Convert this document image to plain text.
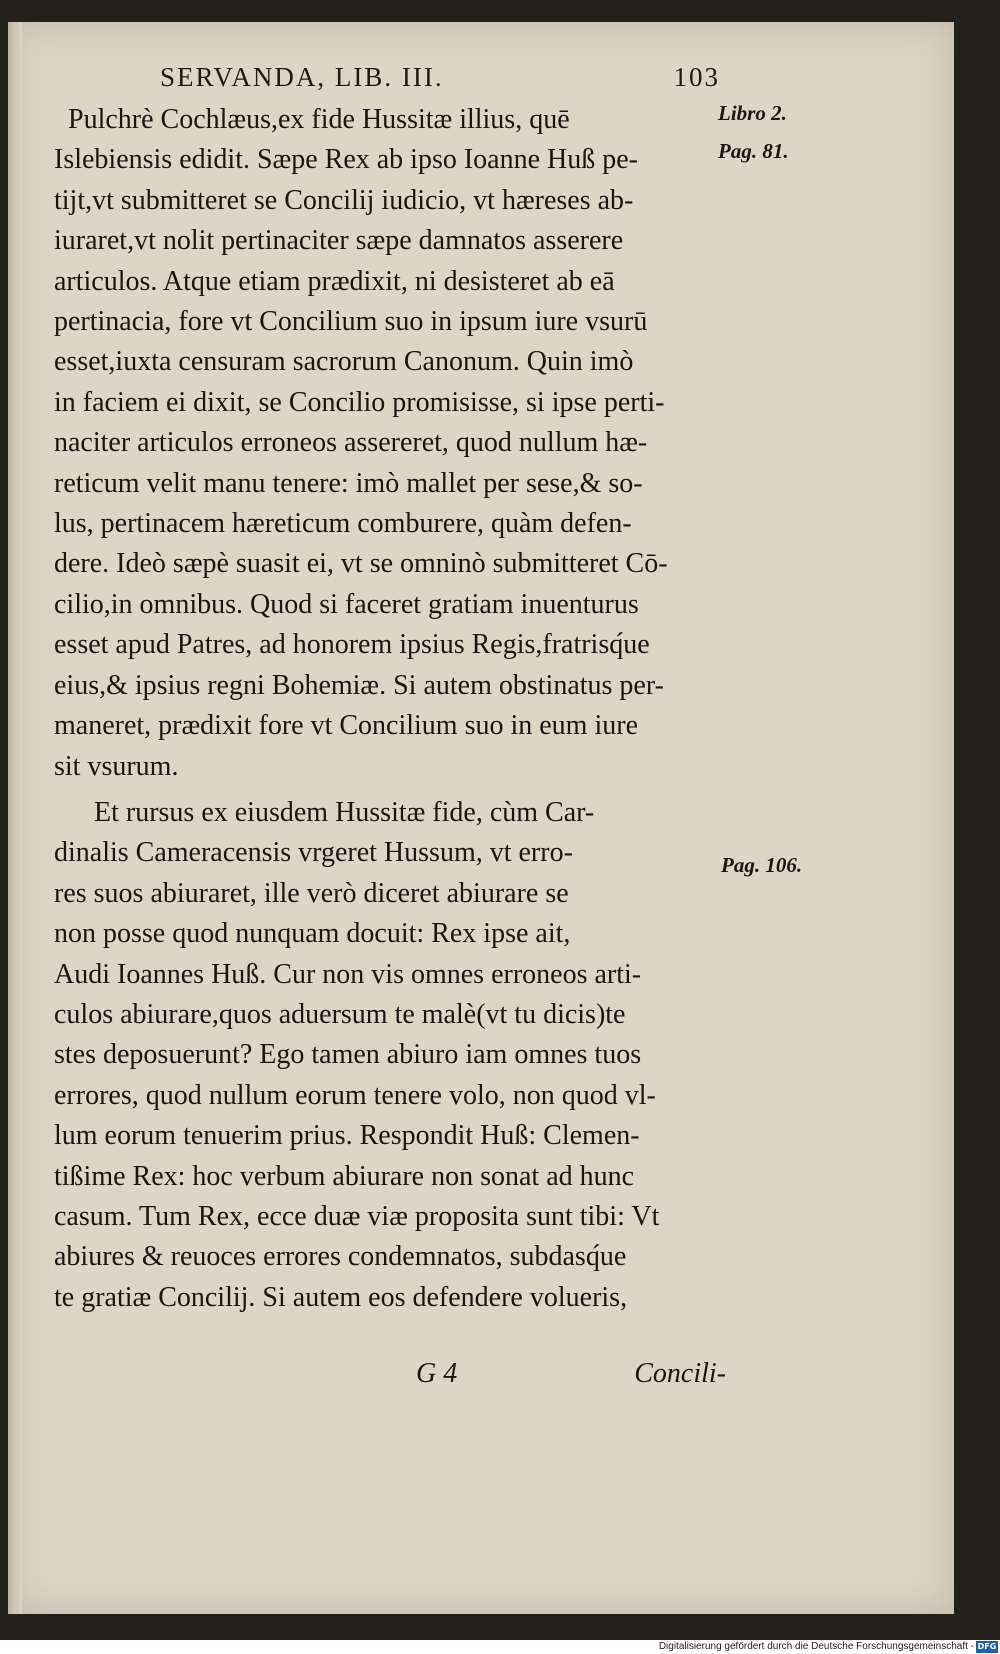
SERVANDA, LIB. III.	103

Pulchrè Cochlæus,ex fide Hussitæ illius, quē
Islebiensis edidit. Sæpe Rex ab ipso Ioanne Huß pe-
tijt,vt submitteret se Concilij iudicio, vt hæreses ab-
iuraret,vt nolit pertinaciter sæpe damnatos asserere
articulos. Atque etiam prædixit, ni desisteret ab eā
pertinacia, fore vt Concilium suo in ipsum iure vsurū
esset,iuxta censuram sacrorum Canonum. Quin imò
in faciem ei dixit, se Concilio promisisse, si ipse perti-
naciter articulos erroneos assereret, quod nullum hæ-
reticum velit manu tenere: imò mallet per sese,& so-
lus, pertinacem hæreticum comburere, quàm defen-
dere. Ideò sæpè suasit ei, vt se omninò submitteret Cō-
cilio,in omnibus. Quod si faceret gratiam inuenturus
esset apud Patres, ad honorem ipsius Regis,fratrisq́ue
eius,& ipsius regni Bohemiæ. Si autem obstinatus per-
maneret, prædixit fore vt Concilium suo in eum iure
sit vsurum.

Et rursus ex eiusdem Hussitæ fide, cùm Car-
dinalis Cameracensis vrgeret Hussum, vt erro-
res suos abiuraret, ille verò diceret abiurare se
non posse quod nunquam docuit: Rex ipse ait,
Audi Ioannes Huß. Cur non vis omnes erroneos arti-
culos abiurare,quos aduersum te malè(vt tu dicis)te
stes deposuerunt? Ego tamen abiuro iam omnes tuos
errores, quod nullum eorum tenere volo, non quod vl-
lum eorum tenuerim prius. Respondit Huß: Clemen-
tißime Rex: hoc verbum abiurare non sonat ad hunc
casum. Tum Rex, ecce duæ viæ proposita sunt tibi: Vt
abiures & reuoces errores condemnatos, subdasq́ue
te gratiæ Concilij. Si autem eos defendere volueris,

Libro 2.
Pag. 81.
Pag. 106.
G 4	Concili-
Digitalisierung gefördert durch die Deutsche Forschungsgemeinschaft - DFG
